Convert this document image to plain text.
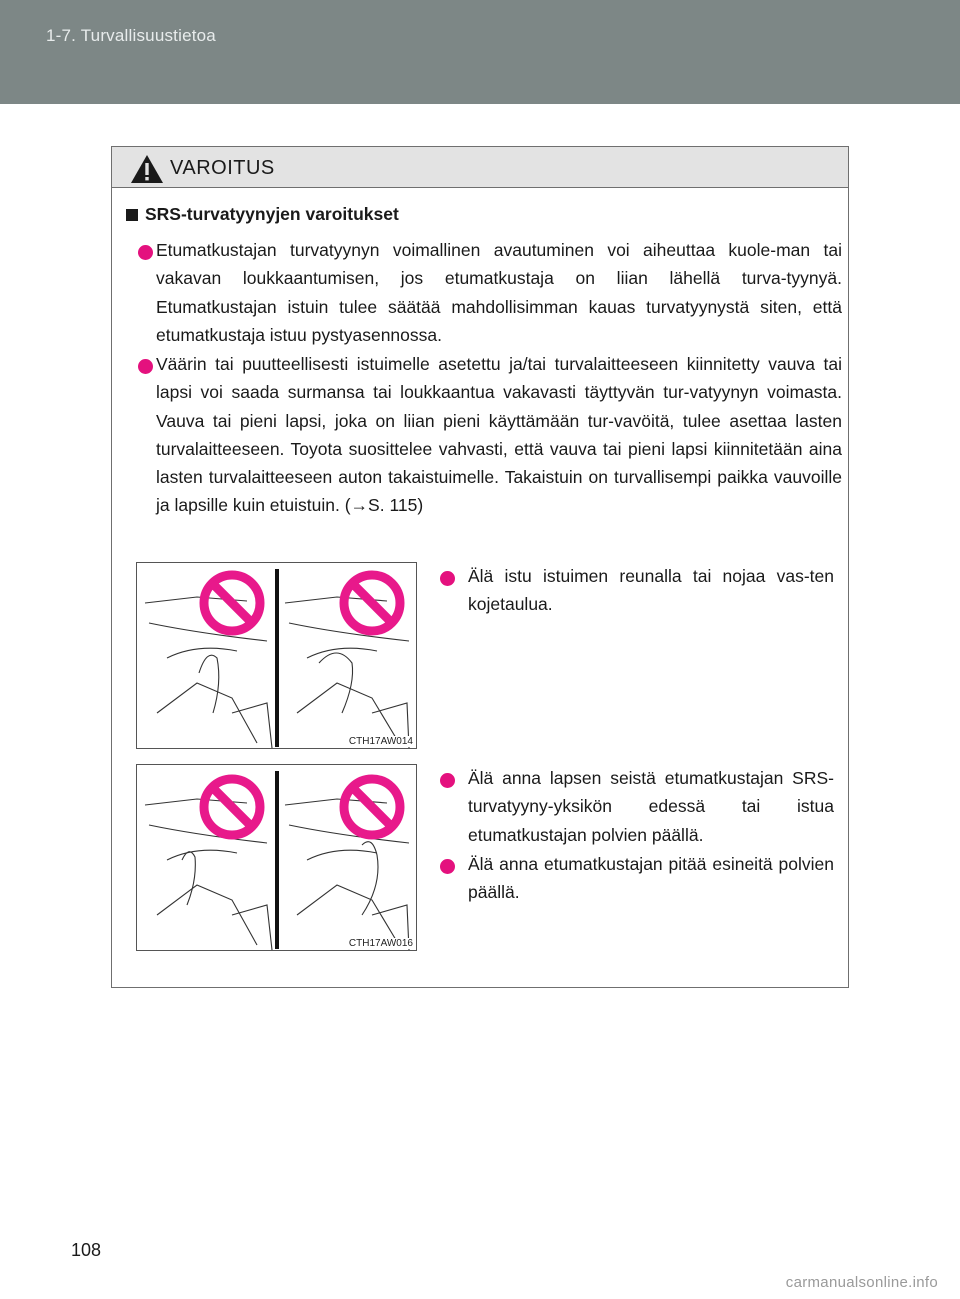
1-7. Turvallisuustietoa
VAROITUS
SRS-turvatyynyjen varoitukset
Etumatkustajan turvatyynyn voimallinen avautuminen voi aiheuttaa kuole-man tai vakavan loukkaantumisen, jos etumatkustaja on liian lähellä turva-tyynyä. Etumatkustajan istuin tulee säätää mahdollisimman kauas turvatyynystä siten, että etumatkustaja istuu pystyasennossa.
Väärin tai puutteellisesti istuimelle asetettu ja/tai turvalaitteeseen kiinnitetty vauva tai lapsi voi saada surmansa tai loukkaantua vakavasti täyttyvän tur-vatyynyn voimasta. Vauva tai pieni lapsi, joka on liian pieni käyttämään tur-vavöitä, tulee asettaa lasten turvalaitteeseen. Toyota suosittelee vahvasti, että vauva tai pieni lapsi kiinnitetään aina lasten turvalaitteeseen auton takaistuimelle. Takaistuin on turvallisempi paikka vauvoille ja lapsille kuin etuistuin. (→S. 115)
CTH17AW014
Älä istu istuimen reunalla tai nojaa vas-ten kojetaulua.
CTH17AW016
Älä anna lapsen seistä etumatkustajan SRS-turvatyyny-yksikön edessä tai istua etumatkustajan polvien päällä.
Älä anna etumatkustajan pitää esineitä polvien päällä.
108
carmanualsonline.info
